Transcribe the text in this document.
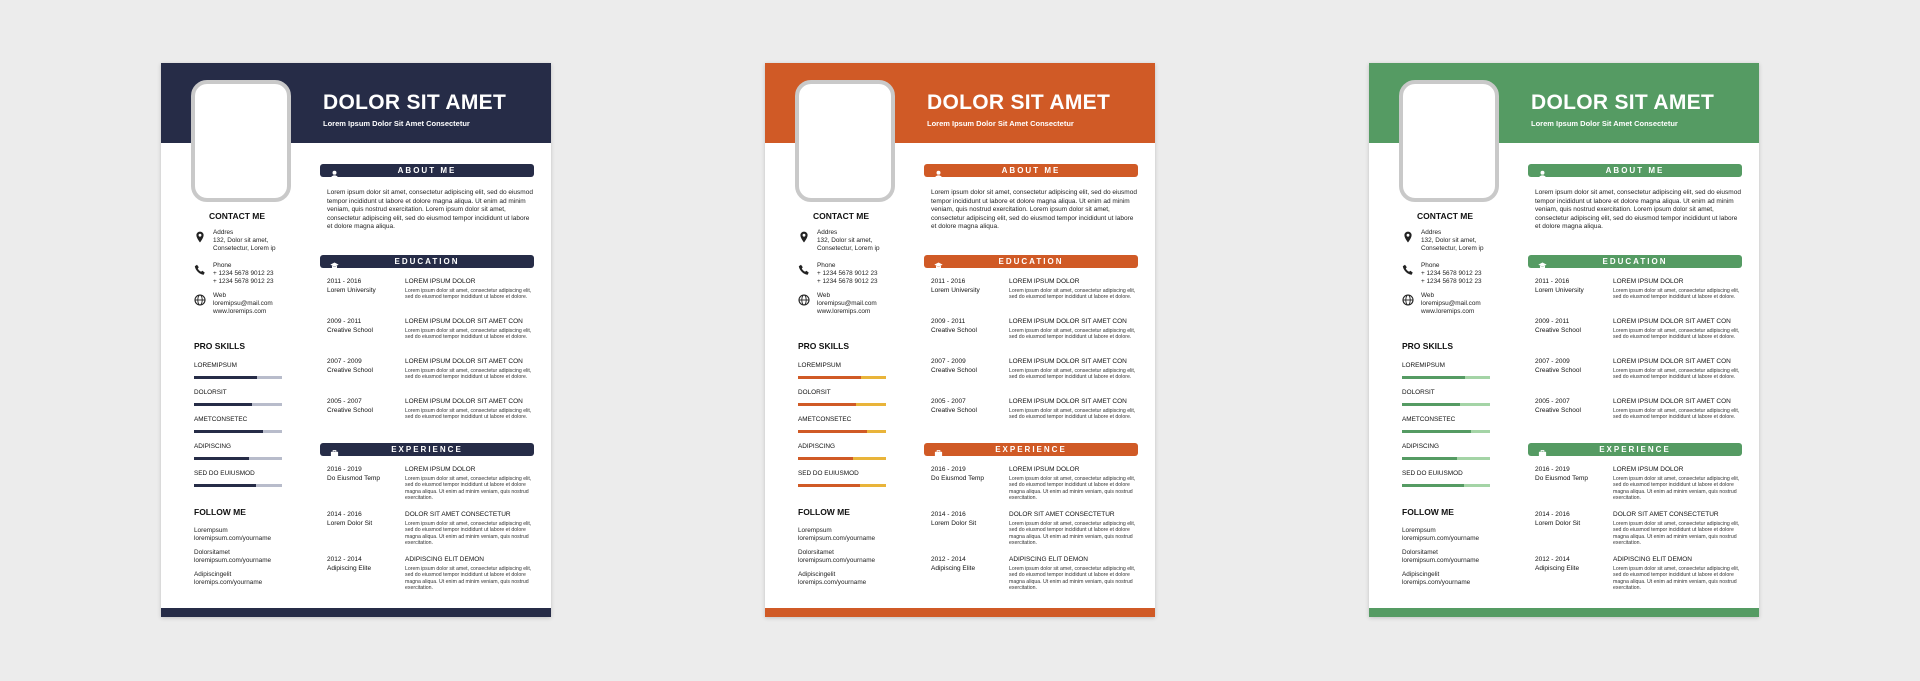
DOLOR SIT AMET
Lorem Ipsum Dolor Sit Amet Consectetur
CONTACT ME
Addres
132, Dolor sit amet,
Consetectur, Lorem ip
Phone
+ 1234 5678 9012 23
+ 1234 5678 9012 23
Web
loremipsu@mail.com
www.loremips.com
PRO SKILLS
LOREMIPSUM
DOLORSIT
AMETCONSETEC
ADIPISCING
SED DO EUIUSMOD
FOLLOW ME
Lorempsum
loremipsum.com/yourname
Dolorsitamet
loremipsum.com/yourname
Adipiscingelit
loremips.com/yourname
ABOUT ME
Lorem ipsum dolor sit amet, consectetur adipiscing elit, sed do eiusmod tempor incididunt ut labore et dolore magna aliqua. Ut enim ad minim veniam, quis nostrud exercitation. Lorem ipsum dolor sit amet, consectetur adipiscing elit, sed do eiusmod tempor incididunt ut labore et dolore magna aliqua.
EDUCATION
2011 - 2016
Lorem University
LOREM IPSUM DOLOR
Lorem ipsum dolor sit amet, consectetur adipiscing elit, sed do eiusmod tempor incididunt ut labore et dolore.
2009 - 2011
Creative School
LOREM IPSUM DOLOR SIT AMET CON
Lorem ipsum dolor sit amet, consectetur adipiscing elit, sed do eiusmod tempor incididunt ut labore et dolore.
2007 - 2009
Creative School
LOREM IPSUM DOLOR SIT AMET CON
Lorem ipsum dolor sit amet, consectetur adipiscing elit, sed do eiusmod tempor incididunt ut labore et dolore.
2005 - 2007
Creative School
LOREM IPSUM DOLOR SIT AMET CON
Lorem ipsum dolor sit amet, consectetur adipiscing elit, sed do eiusmod tempor incididunt ut labore et dolore.
EXPERIENCE
2016 - 2019
Do Eiusmod Temp
LOREM IPSUM DOLOR
Lorem ipsum dolor sit amet, consectetur adipiscing elit, sed do eiusmod tempor incididunt ut labore et dolore magna aliqua. Ut enim ad minim veniam, quis nostrud exercitation.
2014 - 2016
Lorem Dolor Sit
DOLOR SIT AMET CONSECTETUR
Lorem ipsum dolor sit amet, consectetur adipiscing elit, sed do eiusmod tempor incididunt ut labore et dolore magna aliqua. Ut enim ad minim veniam, quis nostrud exercitation.
2012 - 2014
Adipiscing Elite
ADIPISCING ELIT DEMON
Lorem ipsum dolor sit amet, consectetur adipiscing elit, sed do eiusmod tempor incididunt ut labore et dolore magna aliqua. Ut enim ad minim veniam, quis nostrud exercitation.
DOLOR SIT AMET
Lorem Ipsum Dolor Sit Amet Consectetur
CONTACT ME
Addres
132, Dolor sit amet,
Consetectur, Lorem ip
Phone
+ 1234 5678 9012 23
+ 1234 5678 9012 23
Web
loremipsu@mail.com
www.loremips.com
PRO SKILLS
LOREMIPSUM
DOLORSIT
AMETCONSETEC
ADIPISCING
SED DO EUIUSMOD
FOLLOW ME
Lorempsum
loremipsum.com/yourname
Dolorsitamet
loremipsum.com/yourname
Adipiscingelit
loremips.com/yourname
ABOUT ME
Lorem ipsum dolor sit amet, consectetur adipiscing elit, sed do eiusmod tempor incididunt ut labore et dolore magna aliqua. Ut enim ad minim veniam, quis nostrud exercitation. Lorem ipsum dolor sit amet, consectetur adipiscing elit, sed do eiusmod tempor incididunt ut labore et dolore magna aliqua.
EDUCATION
2011 - 2016
Lorem University
LOREM IPSUM DOLOR
Lorem ipsum dolor sit amet, consectetur adipiscing elit, sed do eiusmod tempor incididunt ut labore et dolore.
2009 - 2011
Creative School
LOREM IPSUM DOLOR SIT AMET CON
Lorem ipsum dolor sit amet, consectetur adipiscing elit, sed do eiusmod tempor incididunt ut labore et dolore.
2007 - 2009
Creative School
LOREM IPSUM DOLOR SIT AMET CON
Lorem ipsum dolor sit amet, consectetur adipiscing elit, sed do eiusmod tempor incididunt ut labore et dolore.
2005 - 2007
Creative School
LOREM IPSUM DOLOR SIT AMET CON
Lorem ipsum dolor sit amet, consectetur adipiscing elit, sed do eiusmod tempor incididunt ut labore et dolore.
EXPERIENCE
2016 - 2019
Do Eiusmod Temp
LOREM IPSUM DOLOR
Lorem ipsum dolor sit amet, consectetur adipiscing elit, sed do eiusmod tempor incididunt ut labore et dolore magna aliqua. Ut enim ad minim veniam, quis nostrud exercitation.
2014 - 2016
Lorem Dolor Sit
DOLOR SIT AMET CONSECTETUR
Lorem ipsum dolor sit amet, consectetur adipiscing elit, sed do eiusmod tempor incididunt ut labore et dolore magna aliqua. Ut enim ad minim veniam, quis nostrud exercitation.
2012 - 2014
Adipiscing Elite
ADIPISCING ELIT DEMON
Lorem ipsum dolor sit amet, consectetur adipiscing elit, sed do eiusmod tempor incididunt ut labore et dolore magna aliqua. Ut enim ad minim veniam, quis nostrud exercitation.
DOLOR SIT AMET
Lorem Ipsum Dolor Sit Amet Consectetur
CONTACT ME
Addres
132, Dolor sit amet,
Consetectur, Lorem ip
Phone
+ 1234 5678 9012 23
+ 1234 5678 9012 23
Web
loremipsu@mail.com
www.loremips.com
PRO SKILLS
LOREMIPSUM
DOLORSIT
AMETCONSETEC
ADIPISCING
SED DO EUIUSMOD
FOLLOW ME
Lorempsum
loremipsum.com/yourname
Dolorsitamet
loremipsum.com/yourname
Adipiscingelit
loremips.com/yourname
ABOUT ME
Lorem ipsum dolor sit amet, consectetur adipiscing elit, sed do eiusmod tempor incididunt ut labore et dolore magna aliqua. Ut enim ad minim veniam, quis nostrud exercitation. Lorem ipsum dolor sit amet, consectetur adipiscing elit, sed do eiusmod tempor incididunt ut labore et dolore magna aliqua.
EDUCATION
2011 - 2016
Lorem University
LOREM IPSUM DOLOR
Lorem ipsum dolor sit amet, consectetur adipiscing elit, sed do eiusmod tempor incididunt ut labore et dolore.
2009 - 2011
Creative School
LOREM IPSUM DOLOR SIT AMET CON
Lorem ipsum dolor sit amet, consectetur adipiscing elit, sed do eiusmod tempor incididunt ut labore et dolore.
2007 - 2009
Creative School
LOREM IPSUM DOLOR SIT AMET CON
Lorem ipsum dolor sit amet, consectetur adipiscing elit, sed do eiusmod tempor incididunt ut labore et dolore.
2005 - 2007
Creative School
LOREM IPSUM DOLOR SIT AMET CON
Lorem ipsum dolor sit amet, consectetur adipiscing elit, sed do eiusmod tempor incididunt ut labore et dolore.
EXPERIENCE
2016 - 2019
Do Eiusmod Temp
LOREM IPSUM DOLOR
Lorem ipsum dolor sit amet, consectetur adipiscing elit, sed do eiusmod tempor incididunt ut labore et dolore magna aliqua. Ut enim ad minim veniam, quis nostrud exercitation.
2014 - 2016
Lorem Dolor Sit
DOLOR SIT AMET CONSECTETUR
Lorem ipsum dolor sit amet, consectetur adipiscing elit, sed do eiusmod tempor incididunt ut labore et dolore magna aliqua. Ut enim ad minim veniam, quis nostrud exercitation.
2012 - 2014
Adipiscing Elite
ADIPISCING ELIT DEMON
Lorem ipsum dolor sit amet, consectetur adipiscing elit, sed do eiusmod tempor incididunt ut labore et dolore magna aliqua. Ut enim ad minim veniam, quis nostrud exercitation.
